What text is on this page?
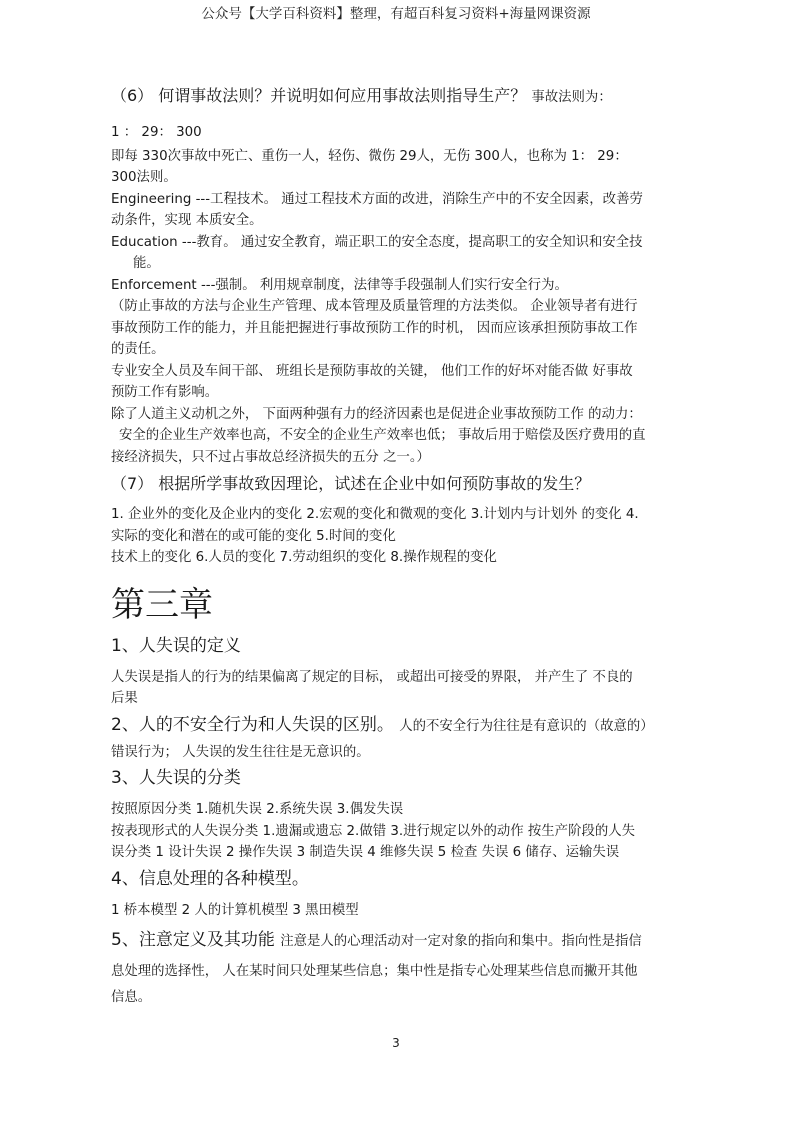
公众号【大学百科资料】整理，有超百科复习资料+海量网课资源

（6） 何谓事故法则？并说明如何应用事故法则指导生产？ 事故法则为：

1 ： 29： 300

即每 330次事故中死亡、重伤一人，轻伤、微伤 29人，无伤 300人，也称为 1： 29：

300法则。

Engineering ---工程技术。 通过工程技术方面的改进，消除生产中的不安全因素，改善劳

动条件，实现 本质安全。

Education ---教育。 通过安全教育，端正职工的安全态度，提高职工的安全知识和安全技

能。

Enforcement ---强制。 利用规章制度，法律等手段强制人们实行安全行为。

（防止事故的方法与企业生产管理、成本管理及质量管理的方法类似。 企业领导者有进行

事故预防工作的能力，并且能把握进行事故预防工作的时机， 因而应该承担预防事故工作

的责任。

专业安全人员及车间干部、 班组长是预防事故的关键， 他们工作的好坏对能否做 好事故

预防工作有影响。

除了人道主义动机之外， 下面两种强有力的经济因素也是促进企业事故预防工作 的动力：

安全的企业生产效率也高，不安全的企业生产效率也低； 事故后用于赔偿及医疗费用的直

接经济损失，只不过占事故总经济损失的五分 之一。）

（7） 根据所学事故致因理论，试述在企业中如何预防事故的发生？

1. 企业外的变化及企业内的变化 2.宏观的变化和微观的变化 3.计划内与计划外 的变化 4.

实际的变化和潜在的或可能的变化 5.时间的变化

技术上的变化 6.人员的变化 7.劳动组织的变化 8.操作规程的变化

第三章

1、人失误的定义

人失误是指人的行为的结果偏离了规定的目标， 或超出可接受的界限， 并产生了 不良的

后果

2、人的不安全行为和人失误的区别。 人的不安全行为往往是有意识的（故意的）

错误行为； 人失误的发生往往是无意识的。

3、人失误的分类

按照原因分类 1.随机失误 2.系统失误 3.偶发失误

按表现形式的人失误分类 1.遗漏或遗忘 2.做错 3.进行规定以外的动作 按生产阶段的人失

误分类 1 设计失误 2 操作失误 3 制造失误 4 维修失误 5 检查 失误 6 储存、运输失误

4、信息处理的各种模型。

1 桥本模型 2 人的计算机模型 3 黑田模型

5、注意定义及其功能 注意是人的心理活动对一定对象的指向和集中。指向性是指信

息处理的选择性， 人在某时间只处理某些信息；集中性是指专心处理某些信息而撇开其他

信息。

3
